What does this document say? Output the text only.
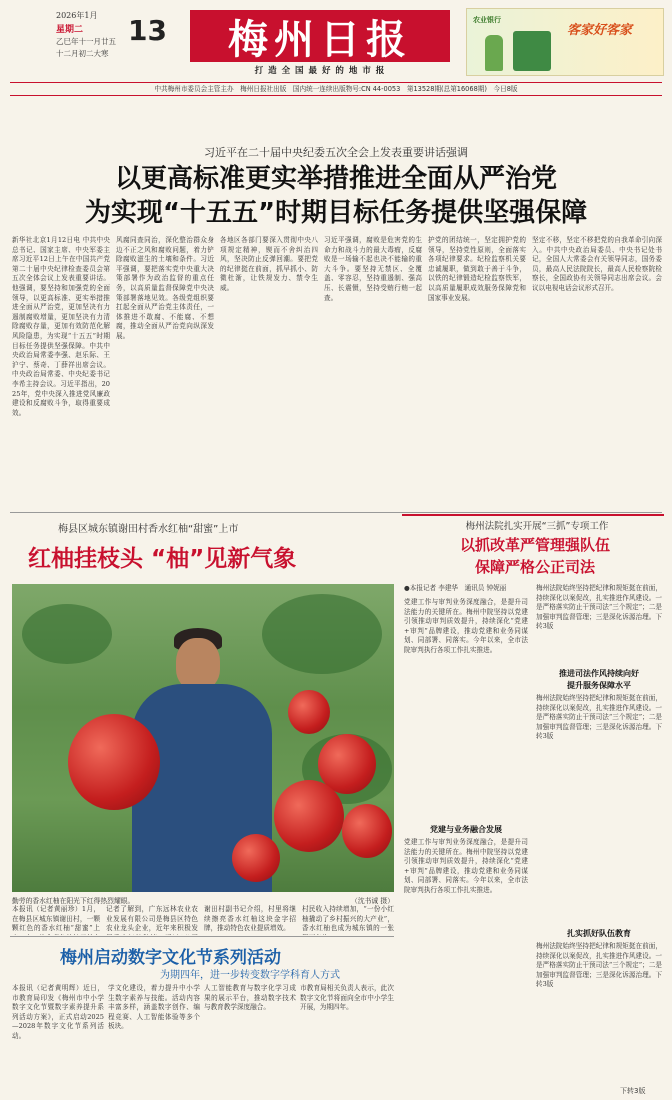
2026年1月
星期二
乙巳年十一月廿五
十二月初二大寒
13 梅州日报
打 造 全 国 最 好 的 地 市 报
农业银行
客家好客家
中共梅州市委员会主管主办　梅州日报社出版　国内统一连续出版物号:CN 44-0053　第13528期(总第16068期)　今日8版
习近平在二十届中央纪委五次全会上发表重要讲话强调
以更高标准更实举措推进全面从严治党
为实现“十五五”时期目标任务提供坚强保障
新华社北京1月12日电 中共中央总书记、国家主席、中央军委主席习近平12日上午在中国共产党第二十届中央纪律检查委员会第五次全体会议上发表重要讲话。他强调，要坚持和加强党的全面领导，以更高标准、更实举措推进全面从严治党，更加坚决有力遏制腐败增量，更加坚决有力清除腐败存量，更加有效防范化解风险隐患，为实现“十五五”时期目标任务提供坚强保障。中共中央政治局常委李强、赵乐际、王沪宁、蔡奇、丁薛祥出席会议。中央政治局常委、中央纪委书记李希主持会议。习近平指出，2025年，党中央深入推进党风廉政建设和反腐败斗争，取得重要成效。
风腐同查同治，深化整治群众身边不正之风和腐败问题，着力铲除腐败滋生的土壤和条件。习近平强调，要把落实党中央重大决策部署作为政治监督的重点任务，以高质量监督保障党中央决策部署落地见效。各级党组织要扛起全面从严治党主体责任，一体推进不敢腐、不能腐、不想腐，推动全面从严治党向纵深发展。
各地区各部门要深入贯彻中央八项规定精神，锲而不舍纠治四风，坚决防止反弹回潮。要把党的纪律挺在前面，抓早抓小、防微杜渐，让铁规发力、禁令生威。
习近平强调，腐败是危害党的生命力和战斗力的最大毒瘤，反腐败是一场输不起也决不能输的重大斗争。要坚持无禁区、全覆盖、零容忍，坚持重遏制、强高压、长震慑，坚持受贿行贿一起查。
护党的团结统一，坚定拥护党的领导，坚持党性原则，全面落实各项纪律要求。纪检监察机关要忠诚履职，做到敢于善于斗争，以铁的纪律锻造纪检监察铁军，以高质量履职成效服务保障党和国家事业发展。
坚定不移，坚定不移把党的自我革命引向深入。中共中央政治局委员、中央书记处书记，全国人大常委会有关领导同志，国务委员，最高人民法院院长，最高人民检察院检察长，全国政协有关领导同志出席会议。会议以电视电话会议形式召开。
梅县区城东镇谢田村香水红柚“甜蜜”上市
红柚挂枝头 “柚”见新气象
勤劳的香水红柚在阳光下红得热烈耀眼。	（沈书诚 摄）
本报讯（记者黄丽珍）1月，在梅县区城东镇谢田村，一颗颗红色的香水红柚“甜蜜”上
记者了解到，广东远林农业农业发展有限公司是梅县区特色农业龙头企业，近年来积极发
谢田村副书记介绍，村里将继续擦亮香水红柚这块金字招牌，推动特色农业提质增效。
村民收入持续增加，“一份小红柚撬动了乡村振兴的大产业”，香水红柚也成为城东镇的一张
梅州法院扎实开展“三抓”专项工作
以抓改革严管理强队伍
保障严格公正司法
●本报记者 李建华　通讯员 钟妮丽
党建工作与审判业务深度融合，是提升司法能力的关键所在。梅州中院坚持以党建引领推动审判质效提升，持续深化“党建+审判”品牌建设，推动党建和业务同谋划、同部署、同落实。今年以来，全市法院审判执行各项工作扎实推进。
党建与业务融合发展
党建工作与审判业务深度融合，是提升司法能力的关键所在。梅州中院坚持以党建引领推动审判质效提升，持续深化“党建+审判”品牌建设，推动党建和业务同谋划、同部署、同落实。今年以来，全市法院审判执行各项工作扎实推进。
梅州法院始终坚持把纪律和规矩挺在前面，持续深化以案促改，扎实推进作风建设。一是严格落实防止干预司法“三个规定”；二是加强审判监督管理；三是深化诉源治理。下转3版
推进司法作风持续向好
提升服务保障水平
梅州法院始终坚持把纪律和规矩挺在前面，持续深化以案促改，扎实推进作风建设。一是严格落实防止干预司法“三个规定”；二是加强审判监督管理；三是深化诉源治理。下转3版
扎实抓好队伍教育
梅州法院始终坚持把纪律和规矩挺在前面，持续深化以案促改，扎实推进作风建设。一是严格落实防止干预司法“三个规定”；二是加强审判监督管理；三是深化诉源治理。下转3版
梅州启动数字文化节系列活动
为期四年，进一步转变数字学科育人方式
本报讯（记者黄明辉）近日，市教育局印发《梅州市中小学数字文化节暨数字素养提升系列活动方案》，正式启动2025—2028年数字文化节系列活动。
学文化建设，着力提升中小学生数字素养与技能。活动内容丰富多样，涵盖数字创作、编程竞赛、人工智能体验等多个板块。
人工智能教育与数字化学习成果的展示平台，推动数字技术与教育教学深度融合。
市教育局相关负责人表示，此次数字文化节将面向全市中小学生开展，为期四年。
下转3版
